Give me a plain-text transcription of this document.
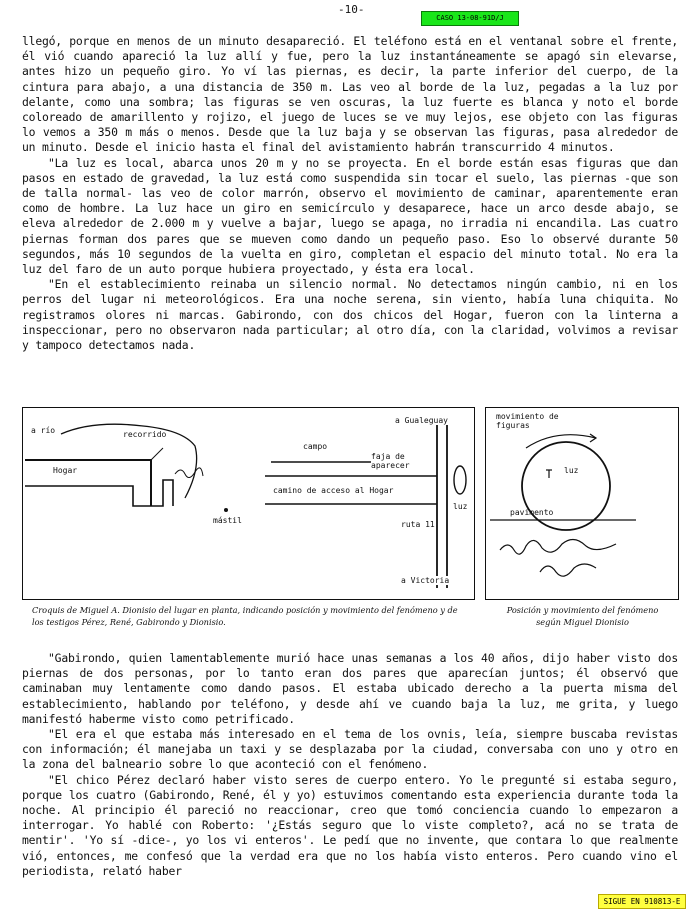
-10-
CASO 13-08-91D/J

llegó, porque en menos de un minuto desapareció. El teléfono está en el ventanal sobre el frente, él vió cuando apareció la luz allí y fue, pero la luz instantáneamente se apagó sin elevarse, antes hizo un pequeño giro. Yo ví las piernas, es decir, la parte inferior del cuerpo, de la cintura para abajo, a una distancia de 350 m. Las veo al borde de la luz, pegadas a la luz por delante, como una sombra; las figuras se ven oscuras, la luz fuerte es blanca y noto el borde coloreado de amarillento y rojizo, el juego de luces se ve muy lejos, ese objeto con las figuras lo vemos a 350 m más o menos. Desde que la luz baja y se observan las figuras, pasa alrededor de un minuto. Desde el inicio hasta el final del avistamiento habrán transcurrido 4 minutos.

"La luz es local, abarca unos 20 m y no se proyecta. En el borde están esas figuras que dan pasos en estado de gravedad, la luz está como suspendida sin tocar el suelo, las piernas -que son de talla normal- las veo de color marrón, observo el movimiento de caminar, aparentemente eran como de hombre. La luz hace un giro en semicírculo y desaparece, hace un arco desde abajo, se eleva alrededor de 2.000 m y vuelve a bajar, luego se apaga, no irradia ni encandila. Las cuatro piernas forman dos pares que se mueven como dando un pequeño paso. Eso lo observé durante 50 segundos, más 10 segundos de la vuelta en giro, completan el espacio del minuto total. No era la luz del faro de un auto porque hubiera proyectado, y ésta era local.

"En el establecimiento reinaba un silencio normal. No detectamos ningún cambio, ni en los perros del lugar ni meteorológicos. Era una noche serena, sin viento, había luna chiquita. No registramos olores ni marcas. Gabirondo, con dos chicos del Hogar, fueron con la linterna a inspeccionar, pero no observaron nada particular; al otro día, con la claridad, volvimos a revisar y tampoco detectamos nada.

a río	recorrido
Hogar
mástil
campo
faja de aparecer
camino de acceso al Hogar
a Gualeguay
luz
ruta 11
a Victoria
Croquis de Miguel A. Dionisio del lugar en planta, indicando posición y movimiento del fenómeno y de los testigos Pérez, René, Gabirondo y Dionisio.
movimiento de figuras
luz
pavimento
Posición y movimiento del fenómeno según Miguel Dionisio

"Gabirondo, quien lamentablemente murió hace unas semanas a los 40 años, dijo haber visto dos piernas de dos personas, por lo tanto eran dos pares que aparecían juntos; él observó que caminaban muy lentamente como dando pasos. El estaba ubicado derecho a la puerta misma del establecimiento, hablando por teléfono, y desde ahí ve cuando baja la luz, me grita, y luego manifestó haberme visto como petrificado.

"El era el que estaba más interesado en el tema de los ovnis, leía, siempre buscaba revistas con información; él manejaba un taxi y se desplazaba por la ciudad, conversaba con uno y otro en la zona del balneario sobre lo que aconteció con el fenómeno.

"El chico Pérez declaró haber visto seres de cuerpo entero. Yo le pregunté si estaba seguro, porque los cuatro (Gabirondo, René, él y yo) estuvimos comentando esta experiencia durante toda la noche. Al principio él pareció no reaccionar, creo que tomó conciencia cuando lo empezaron a interrogar. Yo hablé con Roberto: '¿Estás seguro que lo viste completo?, acá no se trata de mentir'. 'Yo sí -dice-, yo los vi enteros'. Le pedí que no invente, que contara lo que realmente vió, entonces, me confesó que la verdad era que no los había visto enteros. Pero cuando vino el periodista, relató haber

SIGUE EN 910813-E
